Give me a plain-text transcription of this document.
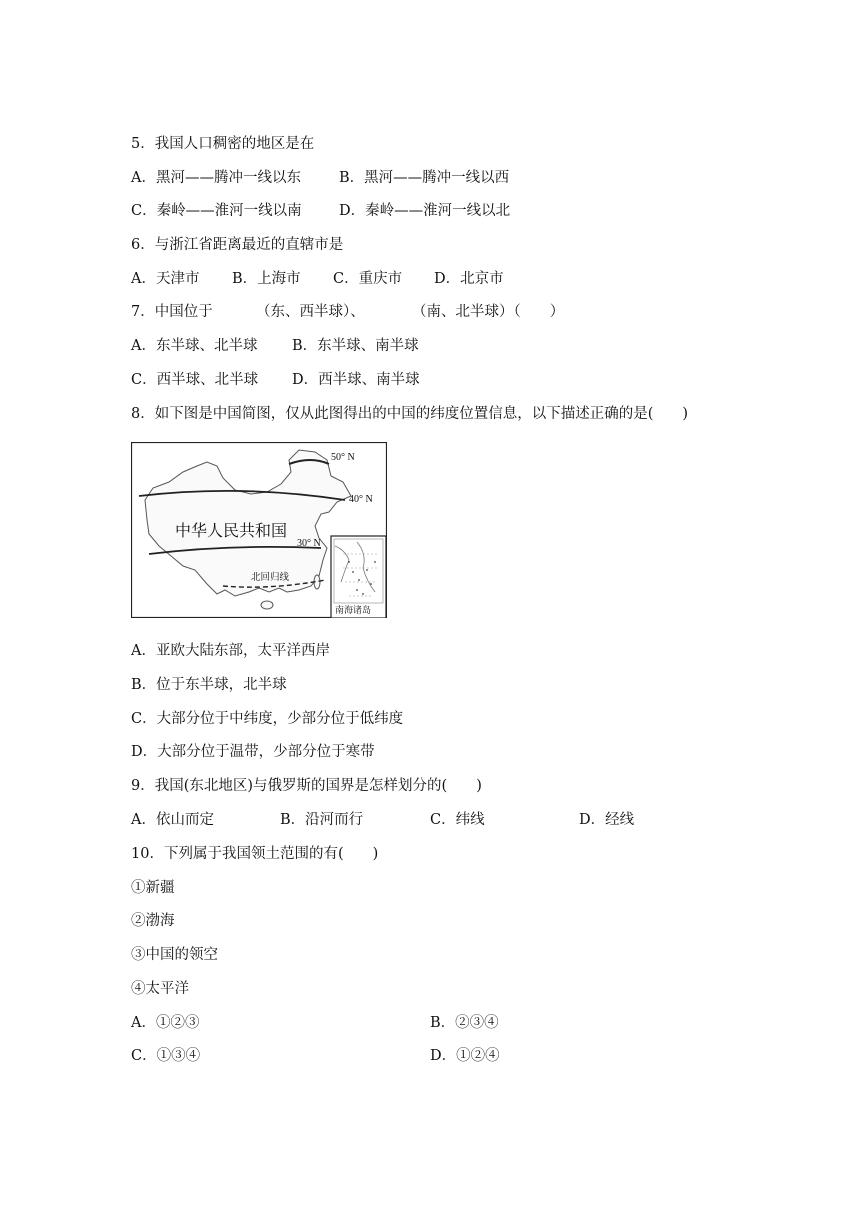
5．我国人口稠密的地区是在
A．黑河——腾冲一线以东	B．黑河——腾冲一线以西
C．秦岭——淮河一线以南	D．秦岭——淮河一线以北
6．与浙江省距离最近的直辖市是
A．天津市 B．上海市 C．重庆市 D．北京市
7．中国位于	（东、西半球）、	（南、北半球）（　　）
A．东半球、北半球 B．东半球、南半球
C．西半球、北半球 D．西半球、南半球
8．如下图是中国简图，仅从此图得出的中国的纬度位置信息，以下描述正确的是(　　)
50° N
40° N
30° N
中华人民共和国
北回归线
南海诸岛
A．亚欧大陆东部，太平洋西岸
B．位于东半球，北半球
C．大部分位于中纬度，少部分位于低纬度
D．大部分位于温带，少部分位于寒带
9．我国(东北地区)与俄罗斯的国界是怎样划分的(　　)
A．依山而定	B．沿河而行	C．纬线	D．经线
10．下列属于我国领土范围的有(　　)
①新疆
②渤海
③中国的领空
④太平洋
A．①②③	B．②③④
C．①③④	D．①②④
